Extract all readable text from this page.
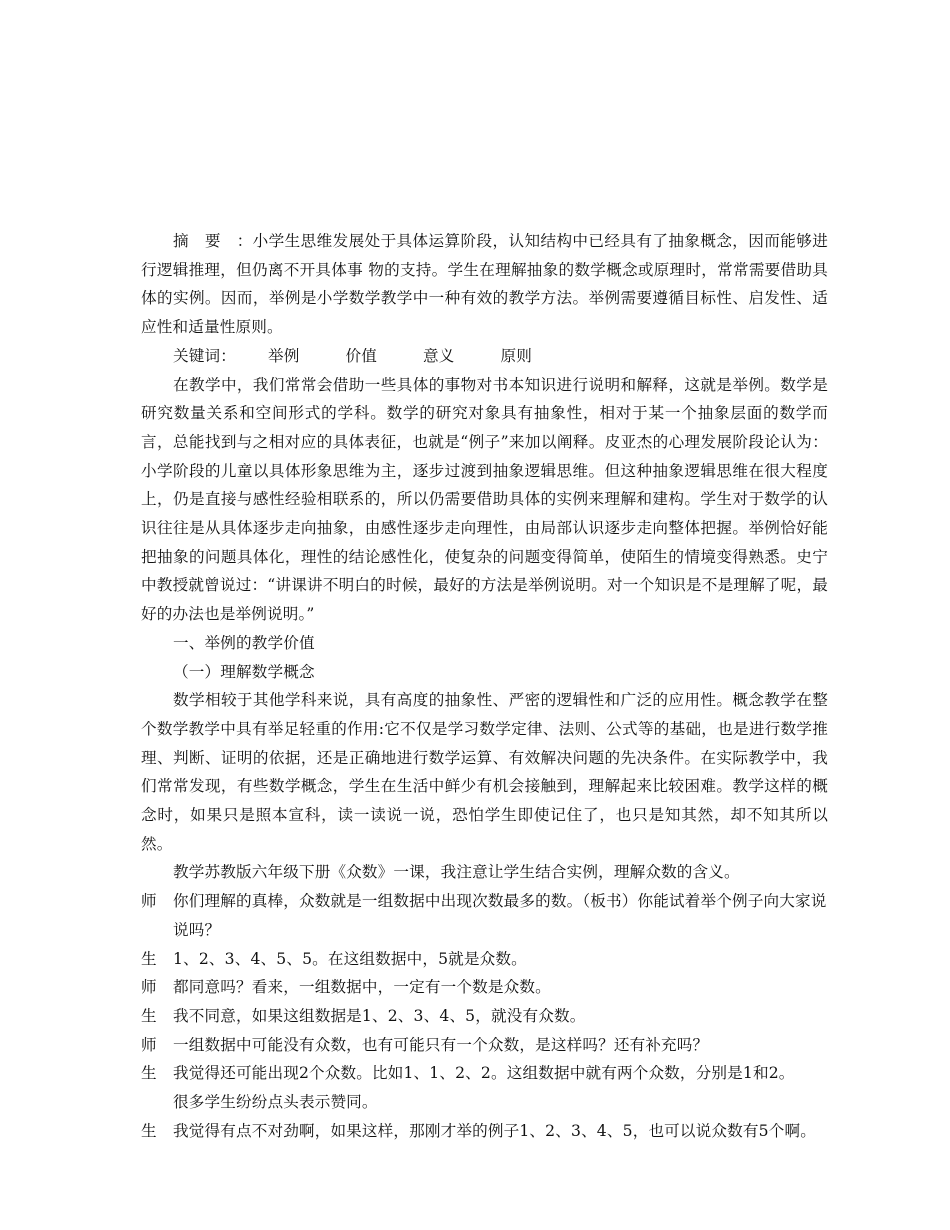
摘要：小学生思维发展处于具体运算阶段，认知结构中已经具有了抽象概念，因而能够进行逻辑推理，但仍离不开具体事 物的支持。学生在理解抽象的数学概念或原理时，常常需要借助具体的实例。因而，举例是小学数学教学中一种有效的教学方法。举例需要遵循目标性、启发性、适应性和适量性原则。

关键词： 举例	价值	意义	原则

在教学中，我们常常会借助一些具体的事物对书本知识进行说明和解释，这就是举例。数学是研究数量关系和空间形式的学科。数学的研究对象具有抽象性，相对于某一个抽象层面的数学而言，总能找到与之相对应的具体表征，也就是“例子”来加以阐释。皮亚杰的心理发展阶段论认为：小学阶段的儿童以具体形象思维为主，逐步过渡到抽象逻辑思维。但这种抽象逻辑思维在很大程度上，仍是直接与感性经验相联系的，所以仍需要借助具体的实例来理解和建构。学生对于数学的认识往往是从具体逐步走向抽象，由感性逐步走向理性，由局部认识逐步走向整体把握。举例恰好能把抽象的问题具体化，理性的结论感性化，使复杂的问题变得简单，使陌生的情境变得熟悉。史宁中教授就曾说过：“讲课讲不明白的时候，最好的方法是举例说明。对一个知识是不是理解了呢，最好的办法也是举例说明。”

一、举例的教学价值

（一）理解数学概念

数学相较于其他学科来说，具有高度的抽象性、严密的逻辑性和广泛的应用性。概念教学在整个数学教学中具有举足轻重的作用:它不仅是学习数学定律、法则、公式等的基础，也是进行数学推理、判断、证明的依据，还是正确地进行数学运算、有效解决问题的先决条件。在实际教学中，我们常常发现，有些数学概念，学生在生活中鲜少有机会接触到，理解起来比较困难。教学这样的概念时，如果只是照本宣科，读一读说一说，恐怕学生即使记住了，也只是知其然，却不知其所以然。

教学苏教版六年级下册《众数》一课，我注意让学生结合实例，理解众数的含义。

师	你们理解的真棒，众数就是一组数据中出现次数最多的数。（板书）你能试着举个例子向大家说说吗？
生	1、2、3、4、5、5。在这组数据中，5就是众数。
师	都同意吗？看来，一组数据中，一定有一个数是众数。
生	我不同意，如果这组数据是1、2、3、4、5，就没有众数。
师	一组数据中可能没有众数，也有可能只有一个众数，是这样吗？还有补充吗？
生	我觉得还可能出现2个众数。比如1、1、2、2。这组数据中就有两个众数，分别是1和2。

很多学生纷纷点头表示赞同。

生	我觉得有点不对劲啊，如果这样，那刚才举的例子1、2、3、4、5，也可以说众数有5个啊。
